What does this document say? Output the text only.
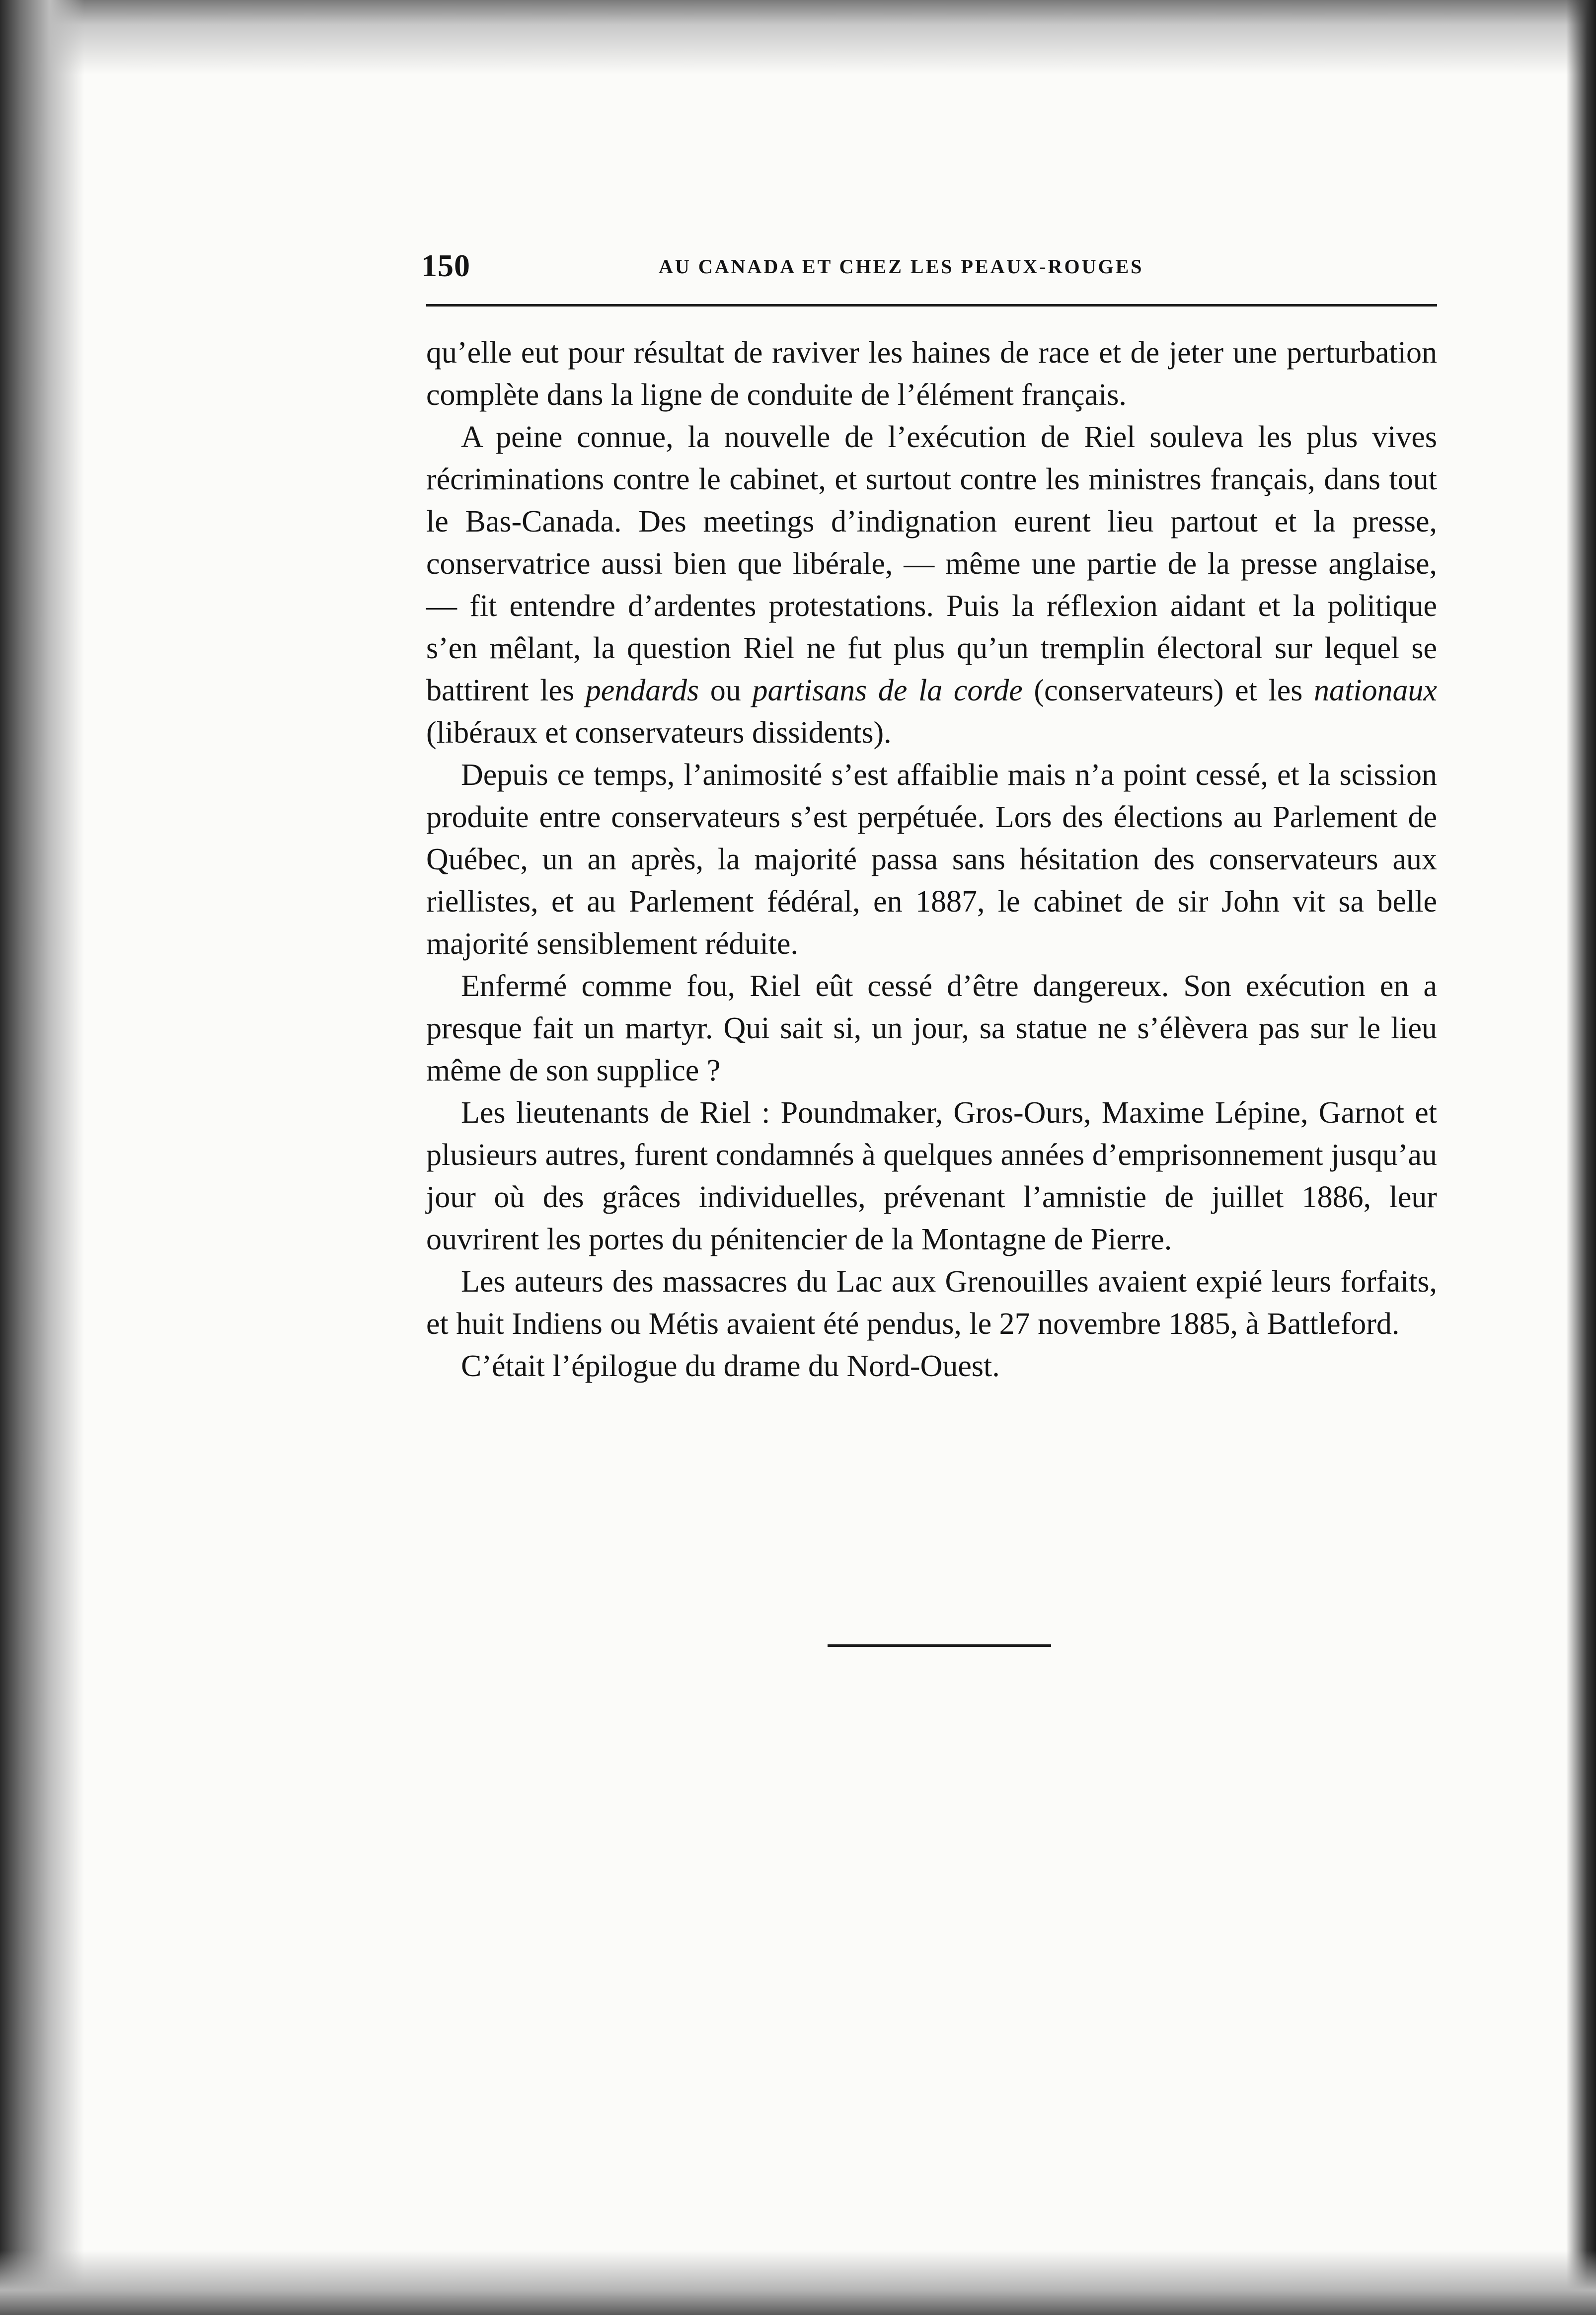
150	AU CANADA ET CHEZ LES PEAUX-ROUGES

qu’elle eut pour résultat de raviver les haines de race et de jeter une perturbation complète dans la ligne de conduite de l’élément français.

A peine connue, la nouvelle de l’exécution de Riel souleva les plus vives récriminations contre le cabinet, et surtout contre les ministres français, dans tout le Bas-Canada. Des meetings d’indignation eurent lieu partout et la presse, conservatrice aussi bien que libérale, — même une partie de la presse anglaise, — fit entendre d’ardentes protestations. Puis la réflexion aidant et la politique s’en mêlant, la question Riel ne fut plus qu’un tremplin électoral sur lequel se battirent les pendards ou partisans de la corde (conservateurs) et les nationaux (libéraux et conservateurs dissidents).

Depuis ce temps, l’animosité s’est affaiblie mais n’a point cessé, et la scission produite entre conservateurs s’est perpétuée. Lors des élections au Parlement de Québec, un an après, la majorité passa sans hésitation des conservateurs aux riellistes, et au Parlement fédéral, en 1887, le cabinet de sir John vit sa belle majorité sensiblement réduite.

Enfermé comme fou, Riel eût cessé d’être dangereux. Son exécution en a presque fait un martyr. Qui sait si, un jour, sa statue ne s’élèvera pas sur le lieu même de son supplice ?

Les lieutenants de Riel : Poundmaker, Gros-Ours, Maxime Lépine, Garnot et plusieurs autres, furent condamnés à quelques années d’emprisonnement jusqu’au jour où des grâces individuelles, prévenant l’amnistie de juillet 1886, leur ouvrirent les portes du pénitencier de la Montagne de Pierre.

Les auteurs des massacres du Lac aux Grenouilles avaient expié leurs forfaits, et huit Indiens ou Métis avaient été pendus, le 27 novembre 1885, à Battleford.

C’était l’épilogue du drame du Nord-Ouest.
